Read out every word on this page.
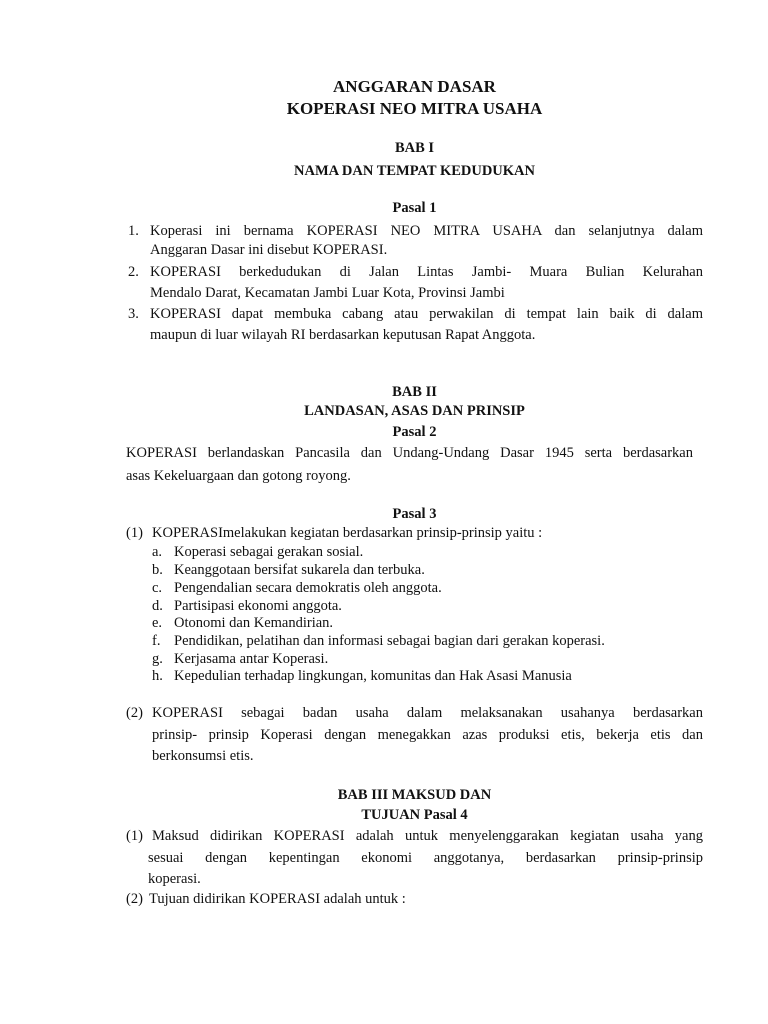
ANGGARAN DASAR
KOPERASI NEO MITRA USAHA
BAB I
NAMA DAN TEMPAT KEDUDUKAN
Pasal 1
1. Koperasi ini bernama KOPERASI NEO MITRA USAHA dan selanjutnya dalam
Anggaran Dasar ini disebut KOPERASI.
2. KOPERASI berkedudukan di Jalan Lintas Jambi- Muara Bulian Kelurahan
Mendalo Darat, Kecamatan Jambi Luar Kota, Provinsi Jambi
3. KOPERASI dapat membuka cabang atau perwakilan di tempat lain baik di dalam
maupun di luar wilayah RI berdasarkan keputusan Rapat Anggota.
BAB II
LANDASAN, ASAS DAN PRINSIP
Pasal 2
KOPERASI berlandaskan Pancasila dan Undang-Undang Dasar 1945 serta berdasarkan
asas Kekeluargaan dan gotong royong.
Pasal 3
(1) KOPERASImelakukan kegiatan berdasarkan prinsip-prinsip yaitu :
a. Koperasi sebagai gerakan sosial.
b. Keanggotaan bersifat sukarela dan terbuka.
c. Pengendalian secara demokratis oleh anggota.
d. Partisipasi ekonomi anggota.
e. Otonomi dan Kemandirian.
f. Pendidikan, pelatihan dan informasi sebagai bagian dari gerakan koperasi.
g. Kerjasama antar Koperasi.
h. Kepedulian terhadap lingkungan, komunitas dan Hak Asasi Manusia
(2) KOPERASI sebagai badan usaha dalam melaksanakan usahanya berdasarkan
prinsip- prinsip Koperasi dengan menegakkan azas produksi etis, bekerja etis dan
berkonsumsi etis.
BAB III MAKSUD DAN
TUJUAN Pasal 4
(1) Maksud didirikan KOPERASI adalah untuk menyelenggarakan kegiatan usaha yang
sesuai dengan kepentingan ekonomi anggotanya, berdasarkan prinsip-prinsip
koperasi.
(2) Tujuan didirikan KOPERASI adalah untuk :
